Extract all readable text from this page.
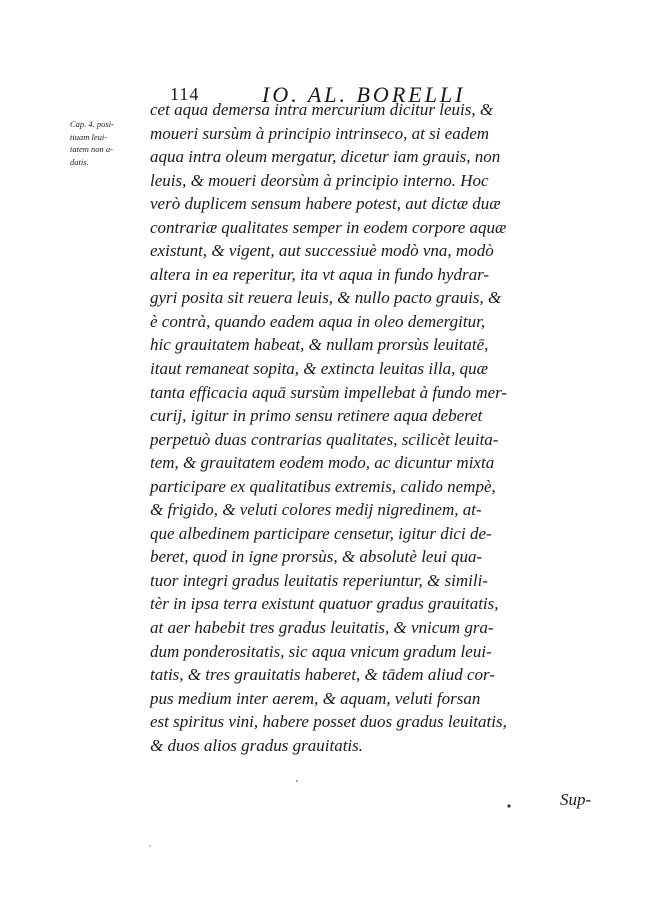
114	IO. AL. BORELLI
Cap. 4. posi-
tiuam leui-
tatem non a-
datis.
cet aqua demersa intra mercurium dicitur leuis, &
moueri sursùm à principio intrinseco, at si eadem
aqua intra oleum mergatur, dicetur iam grauis, non
leuis, & moueri deorsùm à principio interno. Hoc
verò duplicem sensum habere potest, aut dictæ duæ
contrariæ qualitates semper in eodem corpore aquæ
existunt, & vigent, aut successiuè modò vna, modò
altera in ea reperitur, ita vt aqua in fundo hydrar-
gyri posita sit reuera leuis, & nullo pacto grauis, &
è contrà, quando eadem aqua in oleo demergitur,
hic grauitatem habeat, & nullam prorsùs leuitatē,
itaut remaneat sopita, & extincta leuitas illa, quæ
tanta efficacia aquā sursùm impellebat à fundo mer-
curij, igitur in primo sensu retinere aqua deberet
perpetuò duas contrarias qualitates, scilicèt leuita-
tem, & grauitatem eodem modo, ac dicuntur mixta
participare ex qualitatibus extremis, calido nempè,
& frigido, & veluti colores medij nigredinem, at-
que albedinem participare censetur, igitur dici de-
beret, quod in igne prorsùs, & absolutè leui qua-
tuor integri gradus leuitatis reperiuntur, & simili-
tèr in ipsa terra existunt quatuor gradus grauitatis,
at aer habebit tres gradus leuitatis, & vnicum gra-
dum ponderositatis, sic aqua vnicum gradum leui-
tatis, & tres grauitatis haberet, & tādem aliud cor-
pus medium inter aerem, & aquam, veluti forsan
est spiritus vini, habere posset duos gradus leuitatis,
& duos alios gradus grauitatis.
Sup-
